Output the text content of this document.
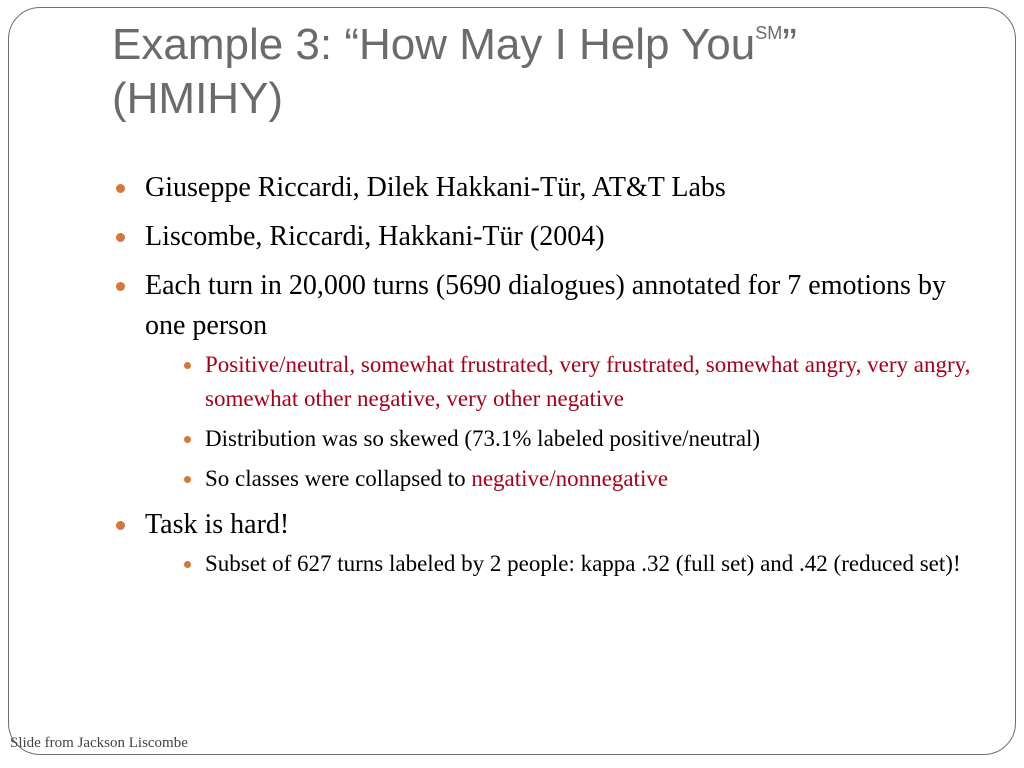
Example 3: “How May I Help You℠”
(HMIHY)
Giuseppe Riccardi, Dilek Hakkani-Tür, AT&T Labs
Liscombe, Riccardi, Hakkani-Tür (2004)
Each turn in 20,000 turns (5690 dialogues) annotated for 7 emotions by one person
Positive/neutral, somewhat frustrated, very frustrated, somewhat angry, very angry, somewhat other negative, very other negative
Distribution was so skewed (73.1% labeled positive/neutral)
So classes were collapsed to negative/nonnegative
Task is hard!
Subset of 627 turns labeled by 2 people: kappa .32 (full set) and .42 (reduced set)!
Slide from Jackson Liscombe
